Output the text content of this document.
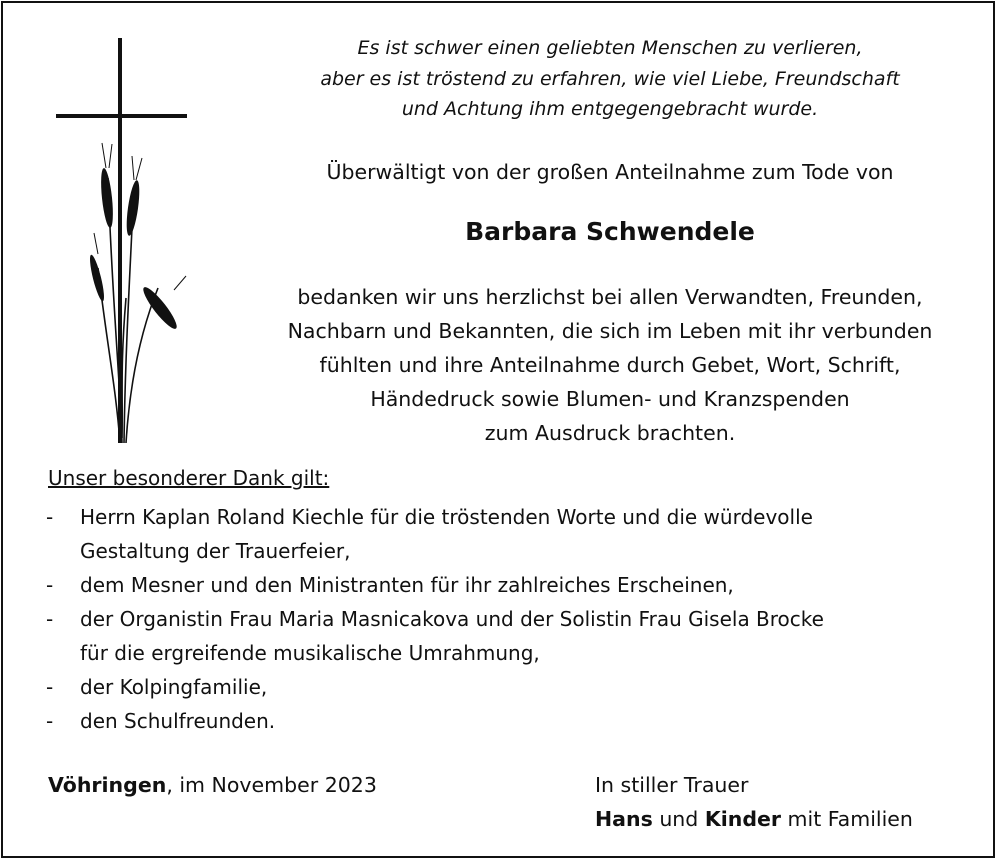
Es ist schwer einen geliebten Menschen zu verlieren,
aber es ist tröstend zu erfahren, wie viel Liebe, Freundschaft
und Achtung ihm entgegengebracht wurde.
Überwältigt von der großen Anteilnahme zum Tode von
Barbara Schwendele
bedanken wir uns herzlichst bei allen Verwandten, Freunden,
Nachbarn und Bekannten, die sich im Leben mit ihr verbunden
fühlten und ihre Anteilnahme durch Gebet, Wort, Schrift,
Händedruck sowie Blumen- und Kranzspenden
zum Ausdruck brachten.
Unser besonderer Dank gilt:
-	Herrn Kaplan Roland Kiechle für die tröstenden Worte und die würdevolle
Gestaltung der Trauerfeier,
-	dem Mesner und den Ministranten für ihr zahlreiches Erscheinen,
-	der Organistin Frau Maria Masnicakova und der Solistin Frau Gisela Brocke
für die ergreifende musikalische Umrahmung,
-	der Kolpingfamilie,
-	den Schulfreunden.
Vöhringen, im November 2023	In stiller Trauer
Hans und Kinder mit Familien
